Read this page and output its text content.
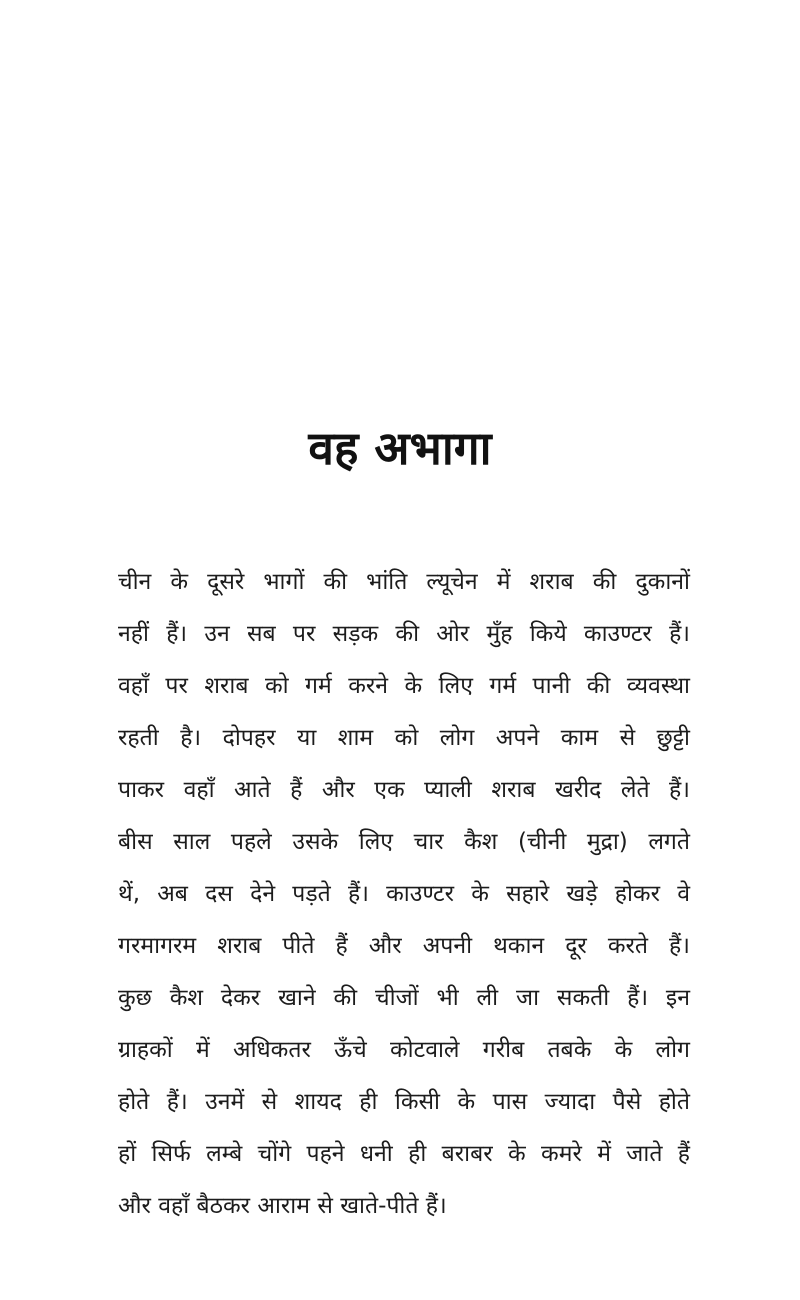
वह अभागा
चीन के दूसरे भागों की भांति ल्यूचेन में शराब की दुकानों
नहीं हैं। उन सब पर सड़क की ओर मुँह किये काउण्टर हैं।
वहाँ पर शराब को गर्म करने के लिए गर्म पानी की व्यवस्था
रहती है। दोपहर या शाम को लोग अपने काम से छुट्टी
पाकर वहाँ आते हैं और एक प्याली शराब खरीद लेते हैं।
बीस साल पहले उसके लिए चार कैश (चीनी मुद्रा) लगते
थें, अब दस देने पड़ते हैं। काउण्टर के सहारे खड़े होकर वे
गरमागरम शराब पीते हैं और अपनी थकान दूर करते हैं।
कुछ कैश देकर खाने की चीजों भी ली जा सकती हैं। इन
ग्राहकों में अधिकतर ऊँचे कोटवाले गरीब तबके के लोग
होते हैं। उनमें से शायद ही किसी के पास ज्यादा पैसे होते
हों सिर्फ लम्बे चोंगे पहने धनी ही बराबर के कमरे में जाते हैं
और वहाँ बैठकर आराम से खाते-पीते हैं।
